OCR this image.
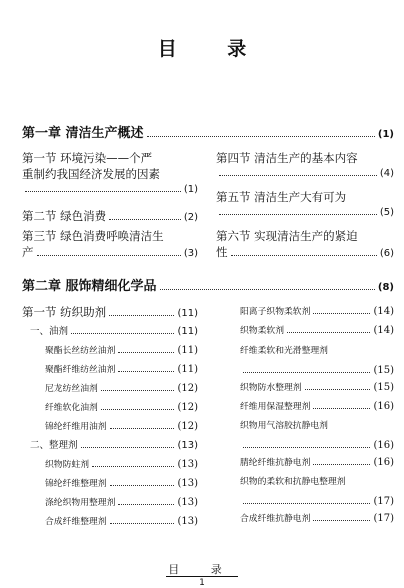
目 录
第一章 清洁生产概述	(1)
第一节 环境污染——个严
重制约我国经济发展的因素
(1)
第二节 绿色消费	(2)
第三节 绿色消费呼唤清洁生
产	(3)
第四节 清洁生产的基本内容
(4)
第五节 清洁生产大有可为
(5)
第六节 实现清洁生产的紧迫
性	(6)
第二章 服饰精细化学品	(8)
第一节 纺织助剂	(11)
一、油剂	(11)
聚酯长丝纺丝油剂	(11)
聚酯纤维纺丝油剂	(11)
尼龙纺丝油剂	(12)
纤维软化油剂	(12)
锦纶纤维用油剂	(12)
二、整理剂	(13)
织物防蛀剂	(13)
锦纶纤维整理剂	(13)
涤纶织物用整理剂	(13)
合成纤维整理剂	(13)
阳离子织物柔软剂	(14)
织物柔软剂	(14)
纤维柔软和光滑整理剂
(15)
织物防水整理剂	(15)
纤维用保湿整理剂	(16)
织物用气溶胶抗静电剂
(16)
腈纶纤维抗静电剂	(16)
织物的柔软和抗静电整理剂
(17)
合成纤维抗静电剂	(17)
目 录
1
